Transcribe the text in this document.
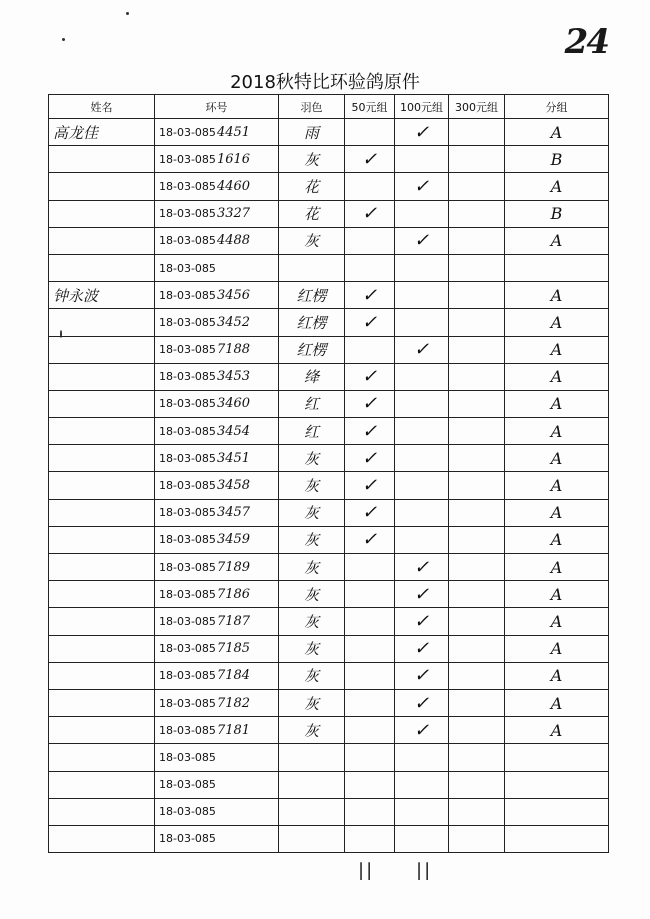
24
2018秋特比环验鸽原件
姓名	环号	羽色	50元组	100元组	300元组	分组
高龙佳	18-03-0854451	雨		✓		A
	18-03-0851616	灰	✓			B
	18-03-0854460	花		✓		A
	18-03-0853327	花	✓			B
	18-03-0854488	灰		✓		A
	18-03-085					
钟永波	18-03-0853456	红楞	✓			A
	18-03-0853452	红楞	✓			A
	18-03-0857188	红楞		✓		A
	18-03-0853453	绛	✓			A
	18-03-0853460	红	✓			A
	18-03-0853454	红	✓			A
	18-03-0853451	灰	✓			A
	18-03-0853458	灰	✓			A
	18-03-0853457	灰	✓			A
	18-03-0853459	灰	✓			A
	18-03-0857189	灰		✓		A
	18-03-0857186	灰		✓		A
	18-03-0857187	灰		✓		A
	18-03-0857185	灰		✓		A
	18-03-0857184	灰		✓		A
	18-03-0857182	灰		✓		A
	18-03-0857181	灰		✓		A
	18-03-085					
	18-03-085					
	18-03-085					
	18-03-085					
|| ||
